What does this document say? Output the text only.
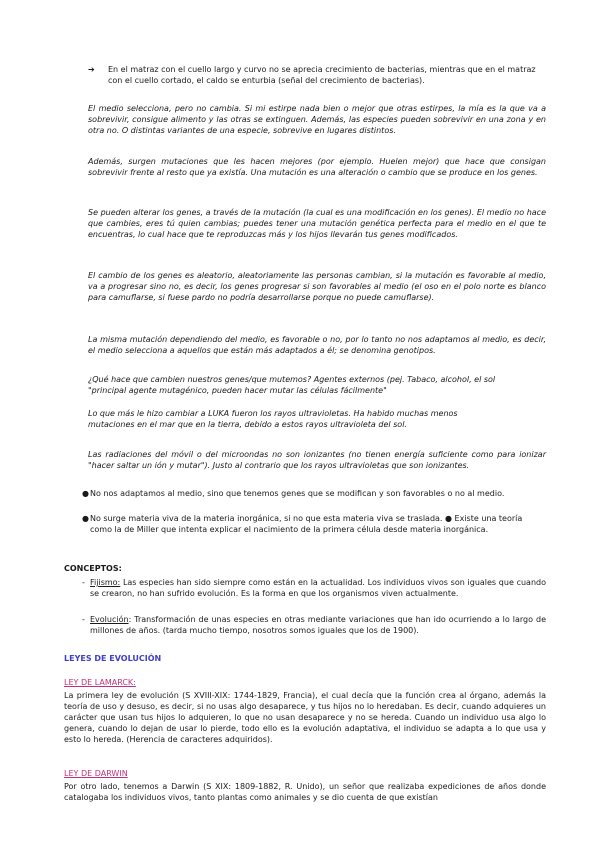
➔	En el matraz con el cuello largo y curvo no se aprecia crecimiento de bacterias, mientras que en el matraz con el cuello cortado, el caldo se enturbia (señal del crecimiento de bacterias).
El medio selecciona, pero no cambia. Si mi estirpe nada bien o mejor que otras estirpes, la mía es la que va a sobrevivir, consigue alimento y las otras se extinguen. Además, las especies pueden sobrevivir en una zona y en otra no. O distintas variantes de una especie, sobrevive en lugares distintos.
Además, surgen mutaciones que les hacen mejores (por ejemplo. Huelen mejor) que hace que consigan sobrevivir frente al resto que ya existía. Una mutación es una alteración o cambio que se produce en los genes.
Se pueden alterar los genes, a través de la mutación (la cual es una modificación en los genes). El medio no hace que cambies, eres tú quien cambias; puedes tener una mutación genética perfecta para el medio en el que te encuentras, lo cual hace que te reproduzcas más y los hijos llevarán tus genes modificados.
El cambio de los genes es aleatorio, aleatoriamente las personas cambian, si la mutación es favorable al medio, va a progresar sino no, es decir, los genes progresar si son favorables al medio (el oso en el polo norte es blanco para camuflarse, si fuese pardo no podría desarrollarse porque no puede camuflarse).
La misma mutación dependiendo del medio, es favorable o no, por lo tanto no nos adaptamos al medio, es decir, el medio selecciona a aquellos que están más adaptados a él; se denomina genotipos.
¿Qué hace que cambien nuestros genes/que mutemos? Agentes externos (pej. Tabaco, alcohol, el sol "principal agente mutagénico, pueden hacer mutar las células fácilmente"
Lo que más le hizo cambiar a LUKA fueron los rayos ultravioletas. Ha habido muchas menos mutaciones en el mar que en la tierra, debido a estos rayos ultravioleta del sol.
Las radiaciones del móvil o del microondas no son ionizantes (no tienen energía suficiente como para ionizar "hacer saltar un ión y mutar"). Justo al contrario que los rayos ultravioletas que son ionizantes.
● No nos adaptamos al medio, sino que tenemos genes que se modifican y son favorables o no al medio.
● No surge materia viva de la materia inorgánica, si no que esta materia viva se traslada. ● Existe una teoría como la de Miller que intenta explicar el nacimiento de la primera célula desde materia inorgánica.
CONCEPTOS:
- Fijismo: Las especies han sido siempre como están en la actualidad. Los individuos vivos son iguales que cuando se crearon, no han sufrido evolución. Es la forma en que los organismos viven actualmente.
- Evolución: Transformación de unas especies en otras mediante variaciones que han ido ocurriendo a lo largo de millones de años. (tarda mucho tiempo, nosotros somos iguales que los de 1900).
LEYES DE EVOLUCIÓN
LEY DE LAMARCK:
La primera ley de evolución (S XVIII-XIX: 1744-1829, Francia), el cual decía que la función crea al órgano, además la teoría de uso y desuso, es decir, si no usas algo desaparece, y tus hijos no lo heredaban. Es decir, cuando adquieres un carácter que usan tus hijos lo adquieren, lo que no usan desaparece y no se hereda. Cuando un individuo usa algo lo genera, cuando lo dejan de usar lo pierde, todo ello es la evolución adaptativa, el individuo se adapta a lo que usa y esto lo hereda. (Herencia de caracteres adquiridos).
LEY DE DARWIN
Por otro lado, tenemos a Darwin (S XIX: 1809-1882, R. Unido), un señor que realizaba expediciones de años donde catalogaba los individuos vivos, tanto plantas como animales y se dio cuenta de que existían
